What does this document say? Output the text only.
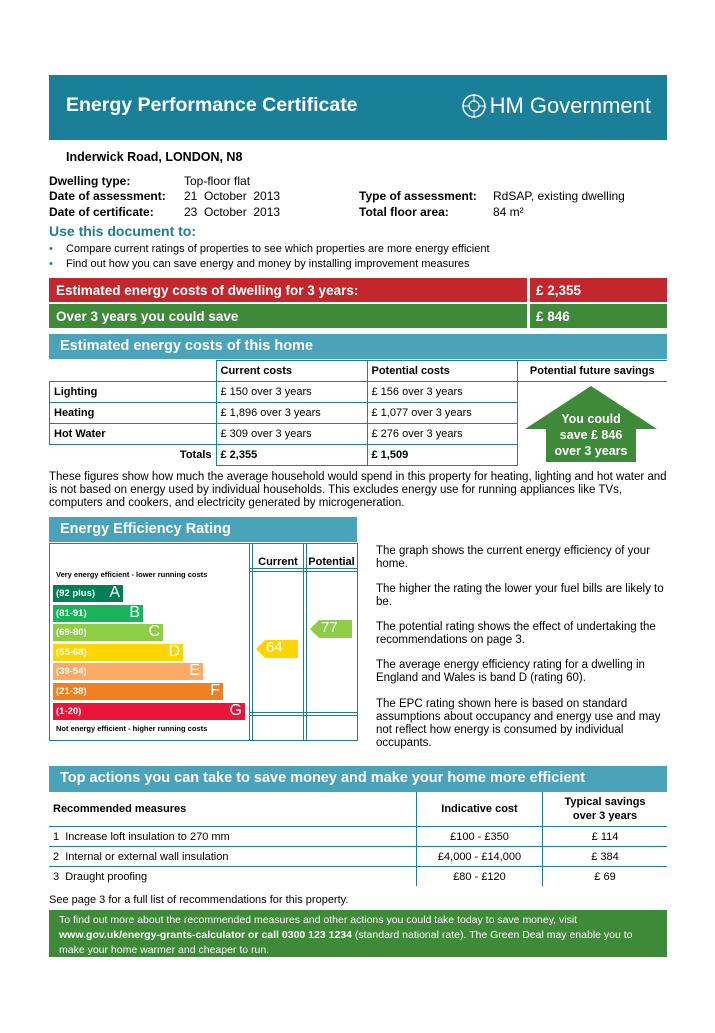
Energy Performance Certificate	HM Government
Inderwick Road, LONDON, N8
Dwelling type:	Top-floor flat
Date of assessment: 21  October  2013
Date of certificate:	23  October  2013
Type of assessment: RdSAP, existing dwelling
Total floor area:	84 m²
Use this document to:
• Compare current ratings of properties to see which properties are more energy efficient
• Find out how you can save energy and money by installing improvement measures
Estimated energy costs of dwelling for 3 years:	£ 2,355
Over 3 years you could save	£ 846
Estimated energy costs of this home
	Current costs	Potential costs	Potential future savings
Lighting	£ 150 over 3 years	£ 156 over 3 years	
Heating	£ 1,896 over 3 years	£ 1,077 over 3 years	
Hot Water	£ 309 over 3 years	£ 276 over 3 years	
Totals	£ 2,355	£ 1,509	
You could
save £ 846
over 3 years
These figures show how much the average household would spend in this property for heating, lighting and hot water and is not based on energy used by individual households. This excludes energy use for running appliances like TVs, computers and cookers, and electricity generated by microgeneration.
Energy Efficiency Rating
Current Potential
Very energy efficient - lower running costs
Not energy efficient - higher running costs
(92 plus) A
(81-91)	B
(69-80)	C
(55-68)	D
(39-54)	E
(21-38)	F
(1-20)	G
64
77
The graph shows the current energy efficiency of your home.
The higher the rating the lower your fuel bills are likely to be.
The potential rating shows the effect of undertaking the recommendations on page 3.
The average energy efficiency rating for a dwelling in England and Wales is band D (rating 60).
The EPC rating shown here is based on standard assumptions about occupancy and energy use and may not reflect how energy is consumed by individual occupants.
Top actions you can take to save money and make your home more efficient
Recommended measures	Indicative cost	Typical savings
over 3 years

1  Increase loft insulation to 270 mm	£100 - £350	£ 114
2  Internal or external wall insulation	£4,000 - £14,000	£ 384
3  Draught proofing	£80 - £120	£ 69
See page 3 for a full list of recommendations for this property.
To find out more about the recommended measures and other actions you could take today to save money, visit
www.gov.uk/energy-grants-calculator or call 0300 123 1234 (standard national rate). The Green Deal may enable you to
make your home warmer and cheaper to run.
